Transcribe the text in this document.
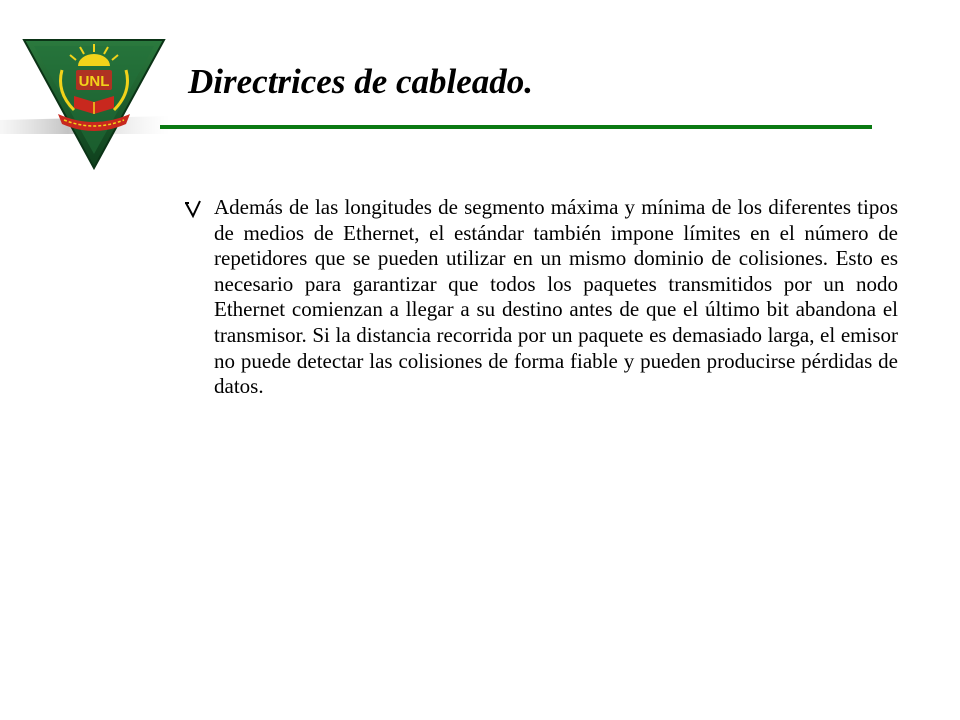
UNL Directrices de cableado.

Además de las longitudes de segmento máxima y mínima de los diferentes tipos de medios de Ethernet, el estándar también impone límites en el número de repetidores que se pueden utilizar en un mismo dominio de colisiones. Esto es necesario para garantizar que todos los paquetes transmitidos por un nodo Ethernet comienzan a llegar a su destino antes de que el último bit abandona el transmisor. Si la distancia recorrida por un paquete es demasiado larga, el emisor no puede detectar las colisiones de forma fiable y pueden producirse pérdidas de datos.
